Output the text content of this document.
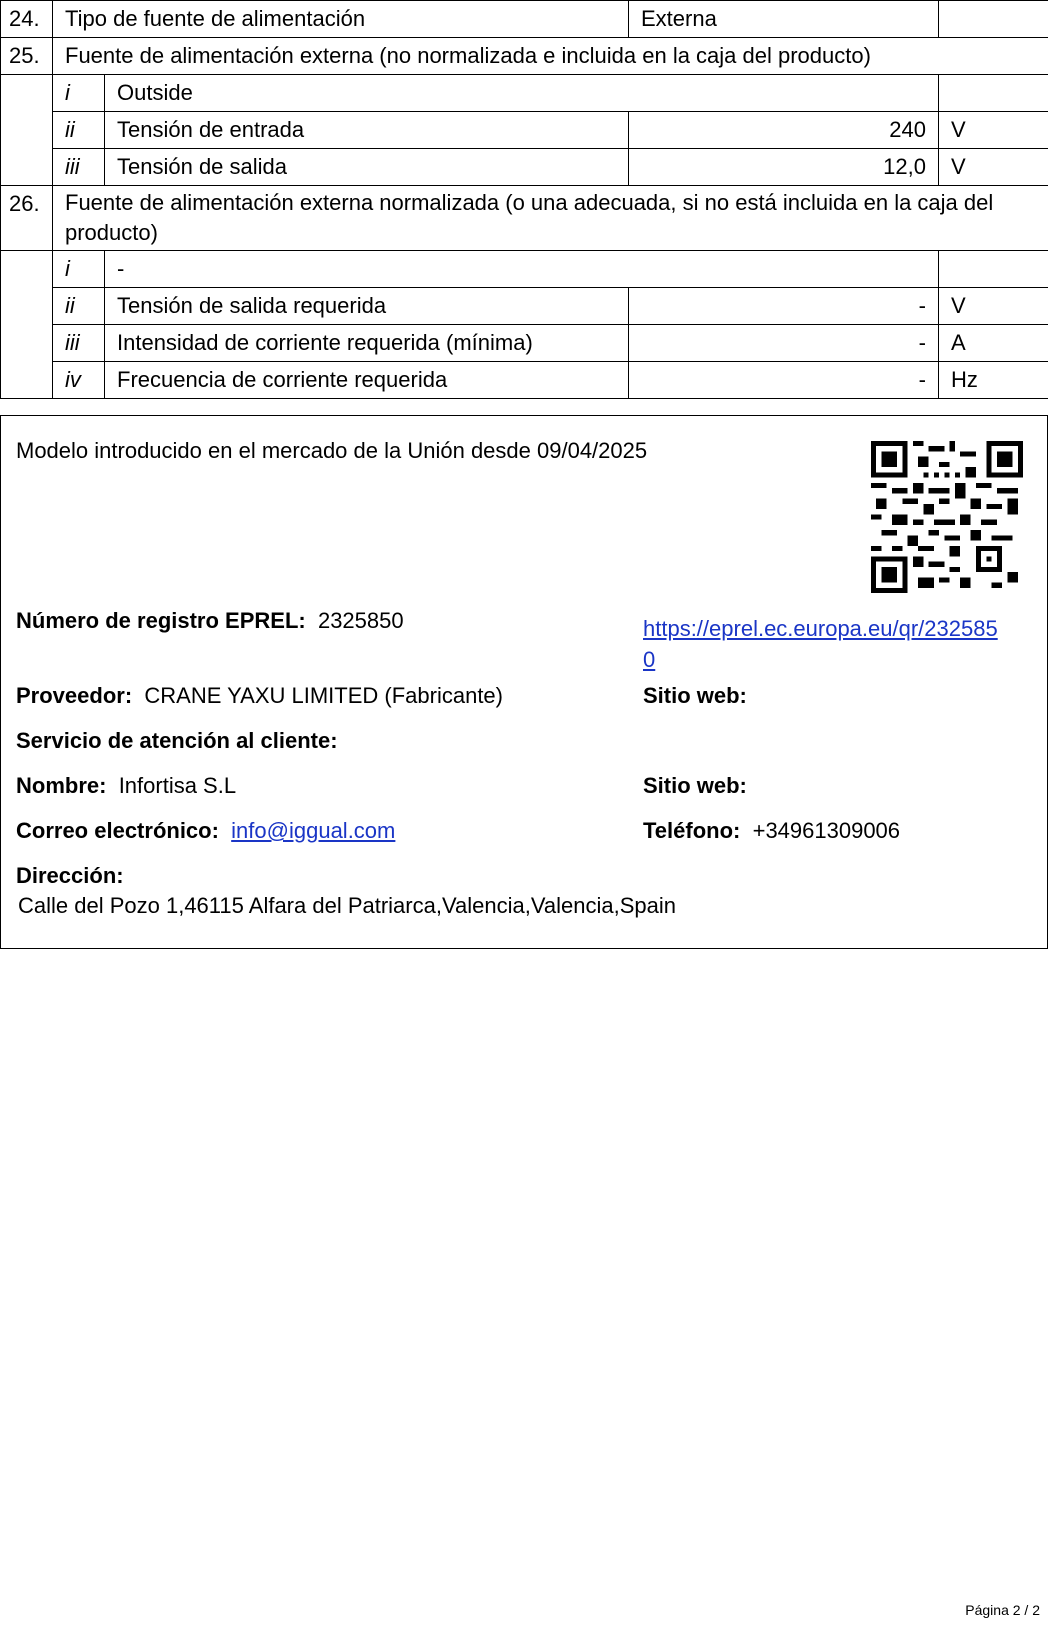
24.	Tipo de fuente de alimentación		Externa	
25.	Fuente de alimentación externa (no normalizada e incluida en la caja del producto)			
	i	Outside		
	ii	Tensión de entrada	240	V
	iii	Tensión de salida	12,0	V
26.	Fuente de alimentación externa normalizada (o una adecuada, si no está incluida en la caja del producto)			
	i	-		
	ii	Tensión de salida requerida	-	V
	iii	Intensidad de corriente requerida (mínima)	-	A
	iv	Frecuencia de corriente requerida	-	Hz
Modelo introducido en el mercado de la Unión desde 09/04/2025
Número de registro EPREL: 2325850	https://eprel.ec.europa.eu/qr/2325850
Proveedor: CRANE YAXU LIMITED (Fabricante)	Sitio web:
Servicio de atención al cliente:
Nombre: Infortisa S.L	Sitio web:
Correo electrónico: info@iggual.com	Teléfono: +34961309006
Dirección:
Calle del Pozo 1,46115 Alfara del Patriarca,Valencia,Valencia,Spain
Página 2 / 2
